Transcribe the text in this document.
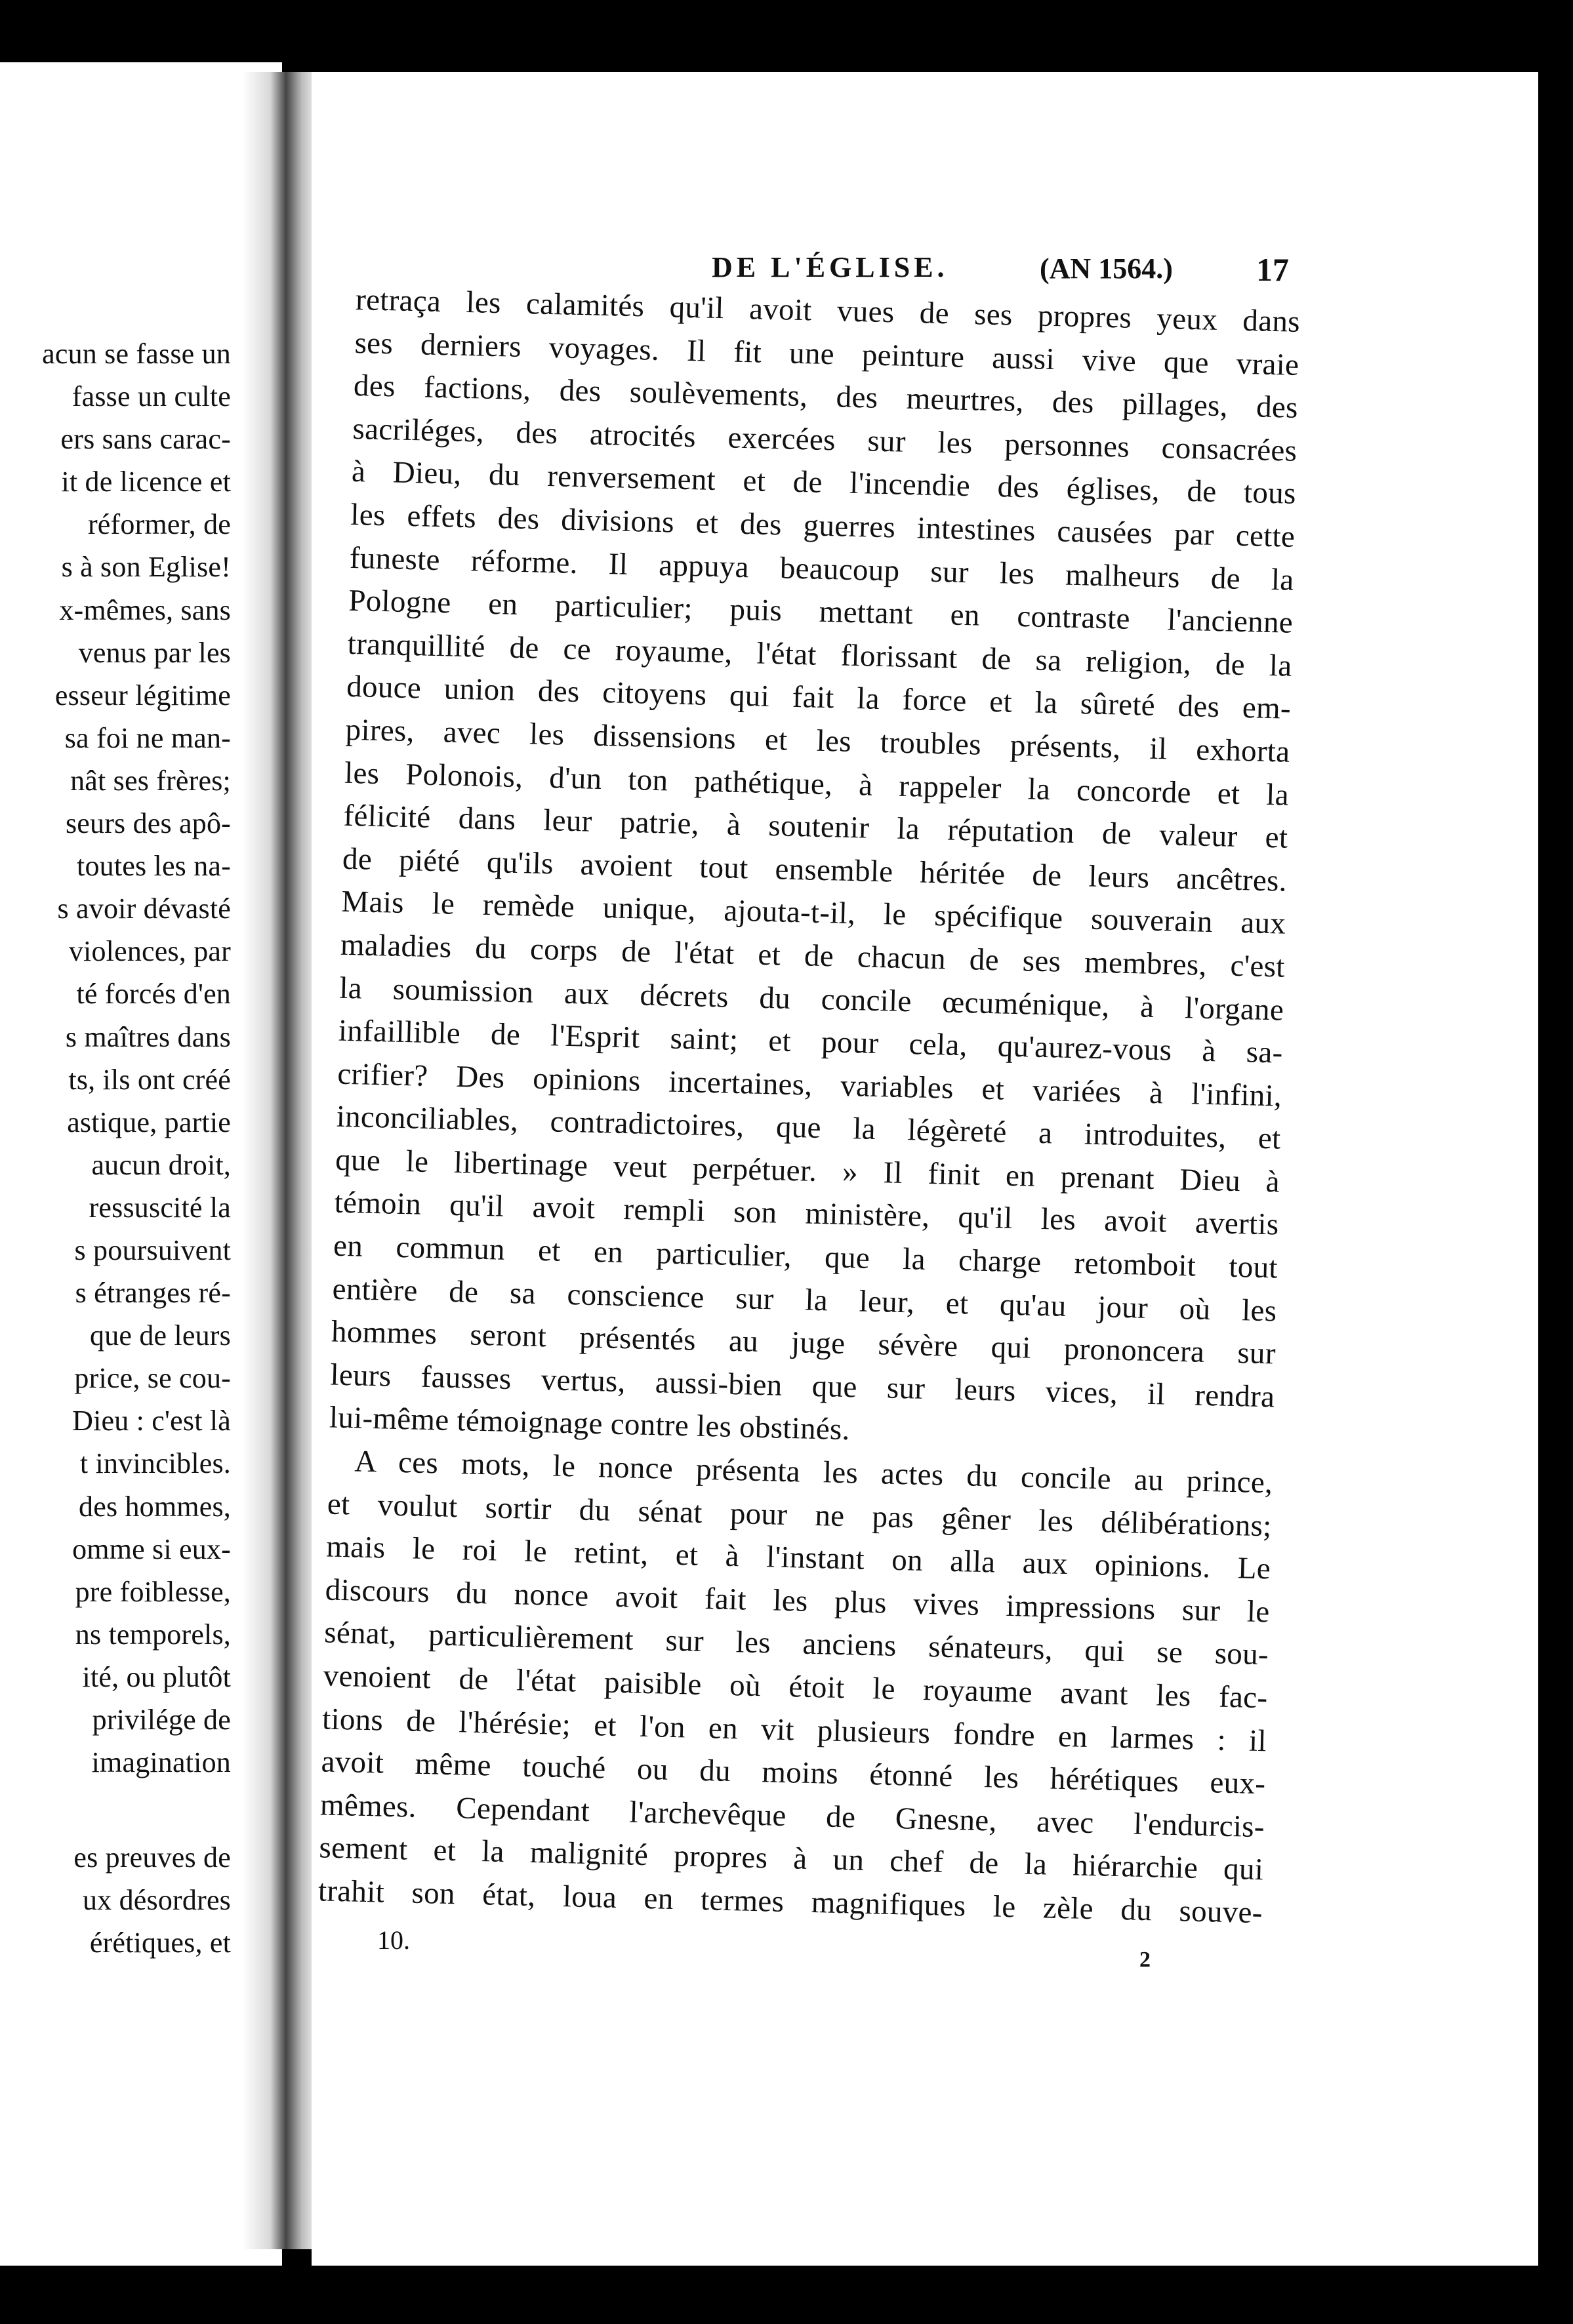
acun se fasse un
fasse un culte
ers sans carac-
it de licence et
réformer, de
s à son Eglise!
x-mêmes, sans
venus par les
esseur légitime
sa foi ne man-
nât ses frères;
seurs des apô-
toutes les na-
s avoir dévasté
violences, par
té forcés d'en
s maîtres dans
ts, ils ont créé
astique, partie
aucun droit,
ressuscité la
s poursuivent
s étranges ré-
que de leurs
price, se cou-
Dieu : c'est là
t invincibles.
des hommes,
omme si eux-
pre foiblesse,
ns temporels,
ité, ou plutôt
privilége de
imagination
es preuves de
ux désordres
érétiques, et
DE L'ÉGLISE.	(AN 1564.)	17
retraça les calamités qu'il avoit vues de ses propres yeux dans
ses derniers voyages. Il fit une peinture aussi vive que vraie
des factions, des soulèvements, des meurtres, des pillages, des
sacriléges, des atrocités exercées sur les personnes consacrées
à Dieu, du renversement et de l'incendie des églises, de tous
les effets des divisions et des guerres intestines causées par cette
funeste réforme. Il appuya beaucoup sur les malheurs de la
Pologne en particulier; puis mettant en contraste l'ancienne
tranquillité de ce royaume, l'état florissant de sa religion, de la
douce union des citoyens qui fait la force et la sûreté des em-
pires, avec les dissensions et les troubles présents, il exhorta
les Polonois, d'un ton pathétique, à rappeler la concorde et la
félicité dans leur patrie, à soutenir la réputation de valeur et
de piété qu'ils avoient tout ensemble héritée de leurs ancêtres.
Mais le remède unique, ajouta-t-il, le spécifique souverain aux
maladies du corps de l'état et de chacun de ses membres, c'est
la soumission aux décrets du concile œcuménique, à l'organe
infaillible de l'Esprit saint; et pour cela, qu'aurez-vous à sa-
crifier? Des opinions incertaines, variables et variées à l'infini,
inconciliables, contradictoires, que la légèreté a introduites, et
que le libertinage veut perpétuer. » Il finit en prenant Dieu à
témoin qu'il avoit rempli son ministère, qu'il les avoit avertis
en commun et en particulier, que la charge retomboit tout
entière de sa conscience sur la leur, et qu'au jour où les
hommes seront présentés au juge sévère qui prononcera sur
leurs fausses vertus, aussi-bien que sur leurs vices, il rendra
lui-même témoignage contre les obstinés.
A ces mots, le nonce présenta les actes du concile au prince,
et voulut sortir du sénat pour ne pas gêner les délibérations;
mais le roi le retint, et à l'instant on alla aux opinions. Le
discours du nonce avoit fait les plus vives impressions sur le
sénat, particulièrement sur les anciens sénateurs, qui se sou-
venoient de l'état paisible où étoit le royaume avant les fac-
tions de l'hérésie; et l'on en vit plusieurs fondre en larmes : il
avoit même touché ou du moins étonné les hérétiques eux-
mêmes. Cependant l'archevêque de Gnesne, avec l'endurcis-
sement et la malignité propres à un chef de la hiérarchie qui
trahit son état, loua en termes magnifiques le zèle du souve-
10.
2
